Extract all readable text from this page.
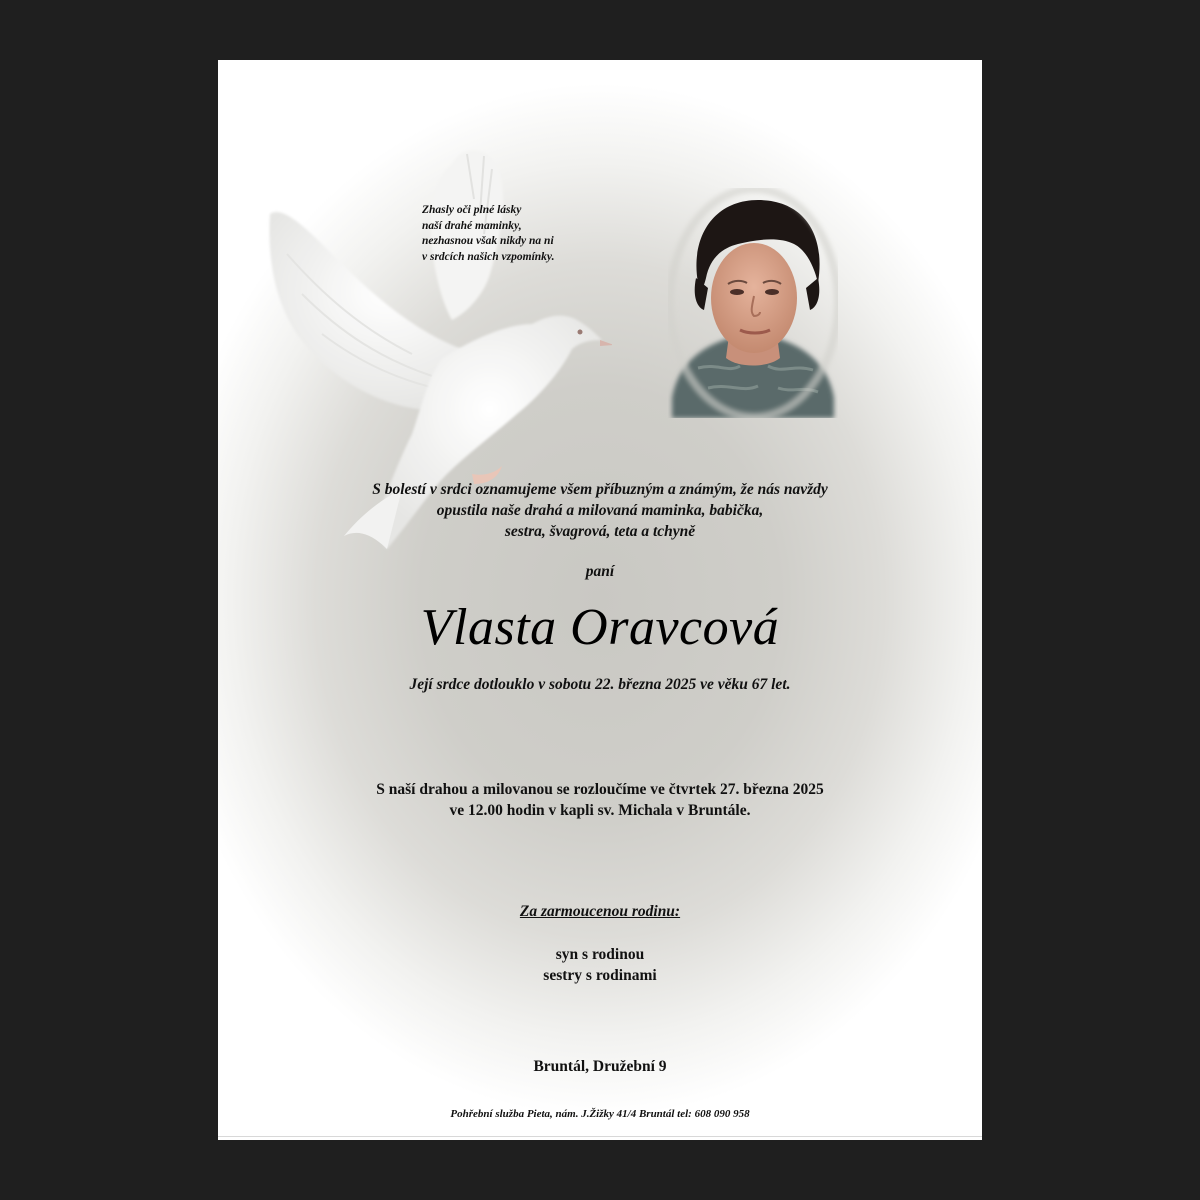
Zhasly oči plné lásky
naší drahé maminky,
nezhasnou však nikdy na ni
v srdcích našich vzpomínky.
S bolestí v srdci oznamujeme všem příbuzným a známým, že nás navždy
opustila naše drahá a milovaná maminka, babička,
sestra, švagrová, teta a tchyně
paní
Vlasta Oravcová
Její srdce dotlouklo v sobotu 22. března 2025 ve věku 67 let.
S naší drahou a milovanou se rozloučíme ve čtvrtek 27. března 2025
ve 12.00 hodin v kapli sv. Michala v Bruntále.
Za zarmoucenou rodinu:
syn s rodinou
sestry s rodinami
Bruntál, Družební 9
Pohřební služba Pieta, nám. J.Žižky 41/4 Bruntál tel: 608 090 958
